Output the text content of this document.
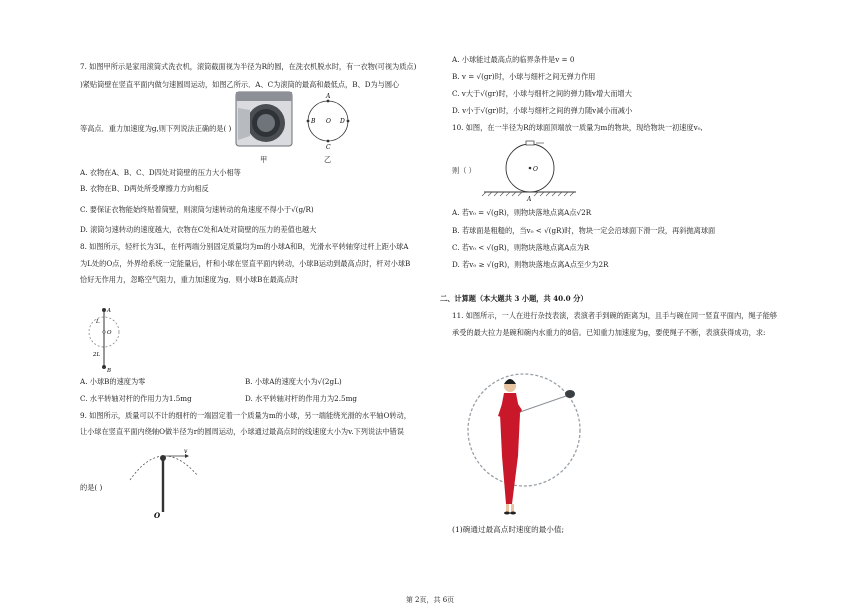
7. 如图甲所示是家用滚筒式洗衣机，滚筒截面视为半径为R的圆，在洗衣机脱水时，有一衣物(可视为质点)
)紧贴筒壁在竖直平面内做匀速圆周运动，如图乙所示．A、C为滚筒的最高和最低点，B、D为与圆心
等高点．重力加速度为g,则下列说法正确的是( )
甲
A
B
C
D
O
乙
A. 衣物在A、B、C、D四处对筒壁的压力大小相等
B. 衣物在B、D两处所受摩擦力方向相反
C. 要保证衣物能始终贴着筒壁，则滚筒匀速转动的角速度不得小于√(g/R)
D. 滚筒匀速转动的速度越大，衣物在C处和A处对筒壁的压力的差值也越大
8. 如图所示，轻杆长为3L，在杆两端分别固定质量均为m的小球A和B，光滑水平转轴穿过杆上距小球A
为L处的O点，外界给系统一定能量后，杆和小球在竖直平面内转动，小球B运动到最高点时，杆对小球B
恰好无作用力，忽略空气阻力，重力加速度为g．则小球B在最高点时
A
L
O
2L
B
A. 小球B的速度为零	B. 小球A的速度大小为√(2gL)
C. 水平转轴对杆的作用力为1.5mg	D. 水平转轴对杆的作用力为2.5mg
9. 如图所示，质量可以不计的细杆的一端固定着一个质量为m的小球，另一端能绕光滑的水平轴O转动，
让小球在竖直平面内绕轴O做半径为r的圆周运动，小球通过最高点时的线速度大小为v.下列说法中错误
v
O
的是( )
A. 小球能过最高点的临界条件是v = 0
B. v = √(gr)时，小球与细杆之间无弹力作用
C. v大于√(gr)时，小球与细杆之间的弹力随v增大而增大
D. v小于√(gr)时，小球与细杆之间的弹力随v减小而减小
10. 如图，在一半径为R的球面顶端放一质量为m的物块，现给物块一初速度v₀,
则（ ）	O
A
A. 若v₀ = √(gR)，则物块落地点离A点√2R
B. 若球面是粗糙的，当v₀ < √(gR)时，物块一定会沿球面下滑一段，再斜抛离球面
C. 若v₀ < √(gR)，则物块落地点离A点为R
D. 若v₀ ≥ √(gR)，则物块落地点离A点至少为2R
二、计算题（本大题共 3 小题，共 40.0 分）
11. 如图所示，一人在进行杂技表演，表演者手到碗的距离为l，且手与碗在同一竖直平面内，绳子能够
承受的最大拉力是碗和碗内水重力的8倍。已知重力加速度为g，要使绳子不断，表演获得成功，求:
(1)碗通过最高点时速度的最小值;
第 2页，共 6页
